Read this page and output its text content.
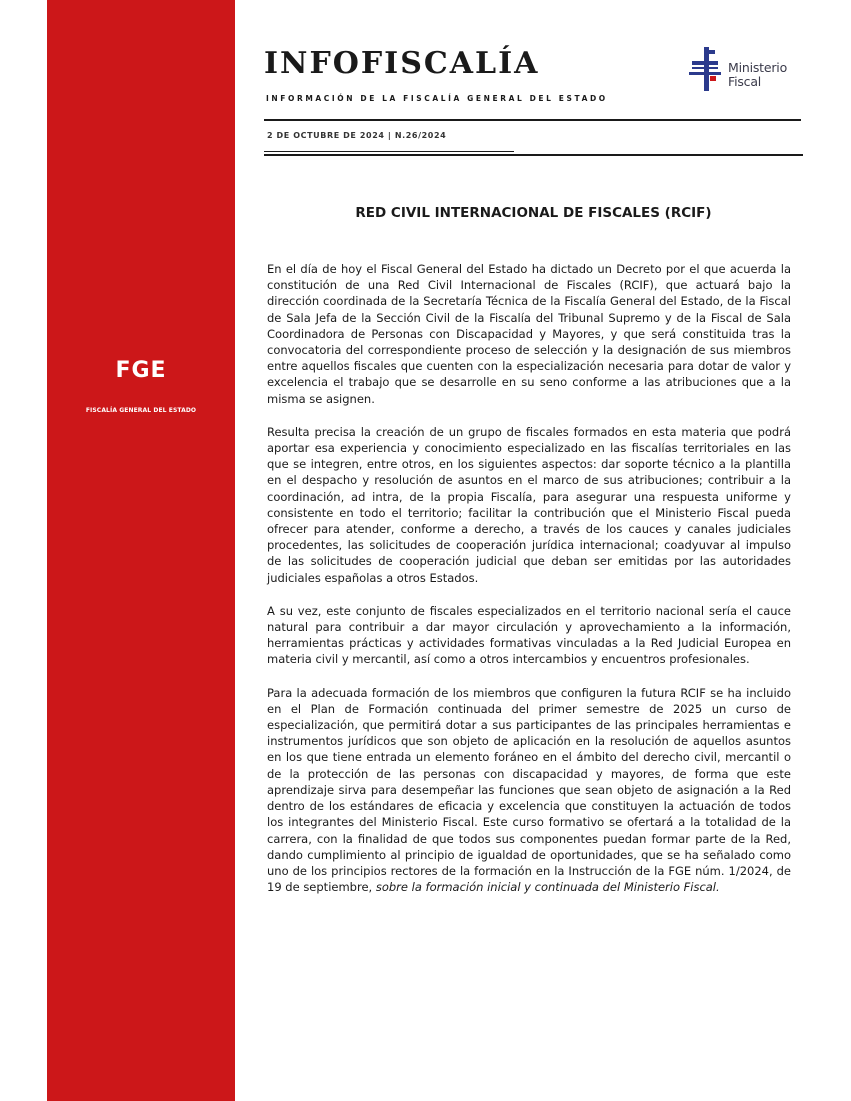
FGE
FISCALÍA GENERAL DEL ESTADO
INFOFISCALÍA
INFORMACIÓN DE LA FISCALÍA GENERAL DEL ESTADO
Ministerio
Fiscal
2 DE OCTUBRE DE 2024 | N.26/2024
RED CIVIL INTERNACIONAL DE FISCALES (RCIF)

En el día de hoy el Fiscal General del Estado ha dictado un Decreto por el que acuerda la constitución de una Red Civil Internacional de Fiscales (RCIF), que actuará bajo la dirección coordinada de la Secretaría Técnica de la Fiscalía General del Estado, de la Fiscal de Sala Jefa de la Sección Civil de la Fiscalía del Tribunal Supremo y de la Fiscal de Sala Coordinadora de Personas con Discapacidad y Mayores, y que será constituida tras la convocatoria del correspondiente proceso de selección y la designación de sus miembros entre aquellos fiscales que cuenten con la especialización necesaria para dotar de valor y excelencia el trabajo que se desarrolle en su seno conforme a las atribuciones que a la misma se asignen.

Resulta precisa la creación de un grupo de fiscales formados en esta materia que podrá aportar esa experiencia y conocimiento especializado en las fiscalías territoriales en las que se integren, entre otros, en los siguientes aspectos: dar soporte técnico a la plantilla en el despacho y resolución de asuntos en el marco de sus atribuciones; contribuir a la coordinación, ad intra, de la propia Fiscalía, para asegurar una respuesta uniforme y consistente en todo el territorio; facilitar la contribución que el Ministerio Fiscal pueda ofrecer para atender, conforme a derecho, a través de los cauces y canales judiciales procedentes, las solicitudes de cooperación jurídica internacional; coadyuvar al impulso de las solicitudes de cooperación judicial que deban ser emitidas por las autoridades judiciales españolas a otros Estados.

A su vez, este conjunto de fiscales especializados en el territorio nacional sería el cauce natural para contribuir a dar mayor circulación y aprovechamiento a la información, herramientas prácticas y actividades formativas vinculadas a la Red Judicial Europea en materia civil y mercantil, así como a otros intercambios y encuentros profesionales.

Para la adecuada formación de los miembros que configuren la futura RCIF se ha incluido en el Plan de Formación continuada del primer semestre de 2025 un curso de especialización, que permitirá dotar a sus participantes de las principales herramientas e instrumentos jurídicos que son objeto de aplicación en la resolución de aquellos asuntos en los que tiene entrada un elemento foráneo en el ámbito del derecho civil, mercantil o de la protección de las personas con discapacidad y mayores, de forma que este aprendizaje sirva para desempeñar las funciones que sean objeto de asignación a la Red dentro de los estándares de eficacia y excelencia que constituyen la actuación de todos los integrantes del Ministerio Fiscal. Este curso formativo se ofertará a la totalidad de la carrera, con la finalidad de que todos sus componentes puedan formar parte de la Red, dando cumplimiento al principio de igualdad de oportunidades, que se ha señalado como uno de los principios rectores de la formación en la Instrucción de la FGE núm. 1/2024, de 19 de septiembre, sobre la formación inicial y continuada del Ministerio Fiscal.
